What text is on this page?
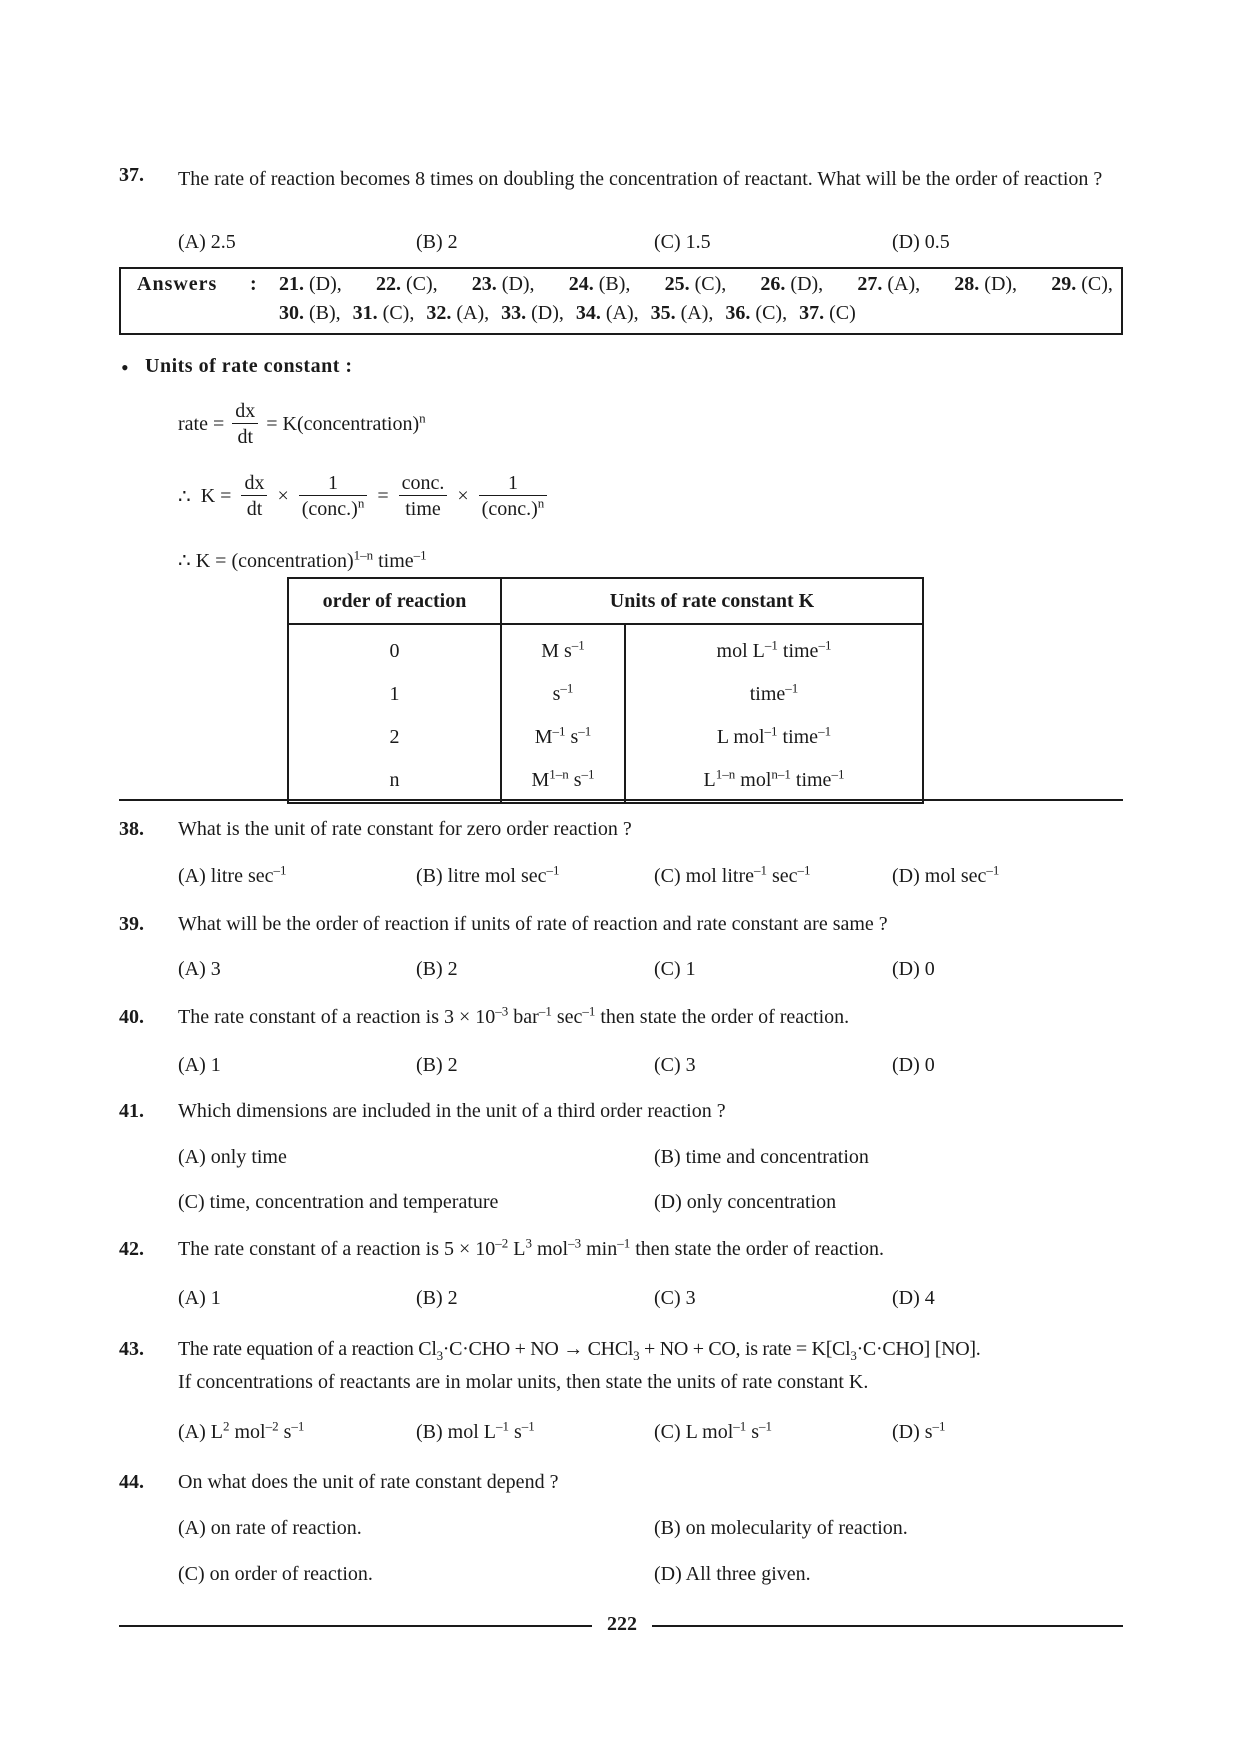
37. The rate of reaction becomes 8 times on doubling the concentration of reactant. What will be the order of reaction ?
(A) 2.5	(B) 2	(C) 1.5	(D) 0.5
Answers : 21. (D), 22. (C), 23. (D), 24. (B), 25. (C), 26. (D), 27. (A), 28. (D), 29. (C),
30. (B), 31. (C), 32. (A), 33. (D), 34. (A), 35. (A), 36. (C), 37. (C)
• Units of rate constant :
rate = $\frac{dx}{dt}$ = K(concentration)$^n$
∴ $K = \frac{dx}{dt} \times \frac{1}{(conc.)^n} = \frac{\text{conc.}}{\text{time}} \times \frac{1}{(conc.)^n}$
∴ K = (concentration)$^{1-n}$ time$^{-1}$
order of reaction	Units of rate constant K	
0	M $s^{-1}$	mol $L^{-1}$ time$^{-1}$
1	$s^{-1}$	time$^{-1}$
2	$M^{-1}$ $s^{-1}$	L mol$^{-1}$ time$^{-1}$
n	$M^{1-n}$ $s^{-1}$	$L^{1-n}$ mol$^{n-1}$ time$^{-1}$
38. What is the unit of rate constant for zero order reaction ?
(A) litre $\sec^{-1}$	(B) litre mol $\sec^{-1}$	(C) mol litre$^{-1}$ $\sec^{-1}$	(D) mol $\sec^{-1}$
39. What will be the order of reaction if units of rate of reaction and rate constant are same ?
(A) 3	(B) 2	(C) 1	(D) 0
40. The rate constant of a reaction is $3 \times 10^{-3}$ bar$^{-1}$ $\sec^{-1}$ then state the order of reaction.
(A) 1	(B) 2	(C) 3	(D) 0
41. Which dimensions are included in the unit of a third order reaction ?
(A) only time	(B) time and concentration
(C) time, concentration and temperature	(D) only concentration
42. The rate constant of a reaction is $5 \times 10^{-2}$ $L^3$ mol$^{-3}$ $\min^{-1}$ then state the order of reaction.
(A) 1	(B) 2	(C) 3	(D) 4
43. The rate equation of a reaction $Cl_3\cdot C\cdot CHO$ + NO → CHCl$_3$ + NO + CO, is rate = $K[Cl_3\cdot C\cdot CHO]$ [NO].
If concentrations of reactants are in molar units, then state the units of rate constant K.
(A) $L^2$ mol$^{-2}$ $s^{-1}$	(B) mol $L^{-1}$ $s^{-1}$	(C) L mol$^{-1}$ $s^{-1}$	(D) $s^{-1}$
44. On what does the unit of rate constant depend ?
(A) on rate of reaction.	(B) on molecularity of reaction.
(C) on order of reaction.	(D) All three given.
222
